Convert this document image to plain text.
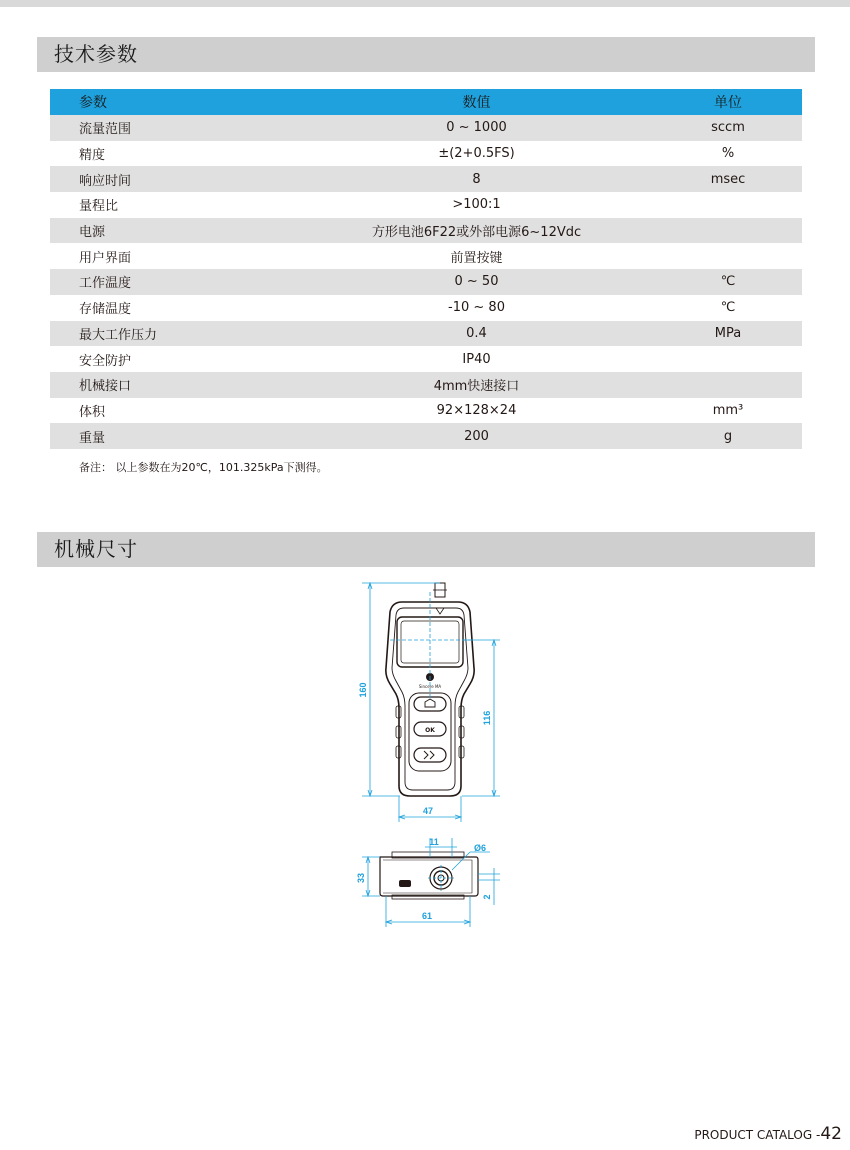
技术参数
参数	数值	单位
流量范围	0 ~ 1000	sccm
精度	±(2+0.5FS)	%
响应时间	8	msec
量程比	>100:1	
电源	方形电池6F22或外部电源6~12Vdc	
用户界面	前置按键	
工作温度	0 ~ 50	℃
存储温度	-10 ~ 80	℃
最大工作压力	0.4	MPa
安全防护	IP40	
机械接口	4mm快速接口	
体积	92×128×24	mm³
重量	200	g
备注： 以上参数在为20℃，101.325kPa下测得。
机械尺寸
Sincere MA
OK
160
116
47
11
Ø6
33
2
61
PRODUCT CATALOG -42
